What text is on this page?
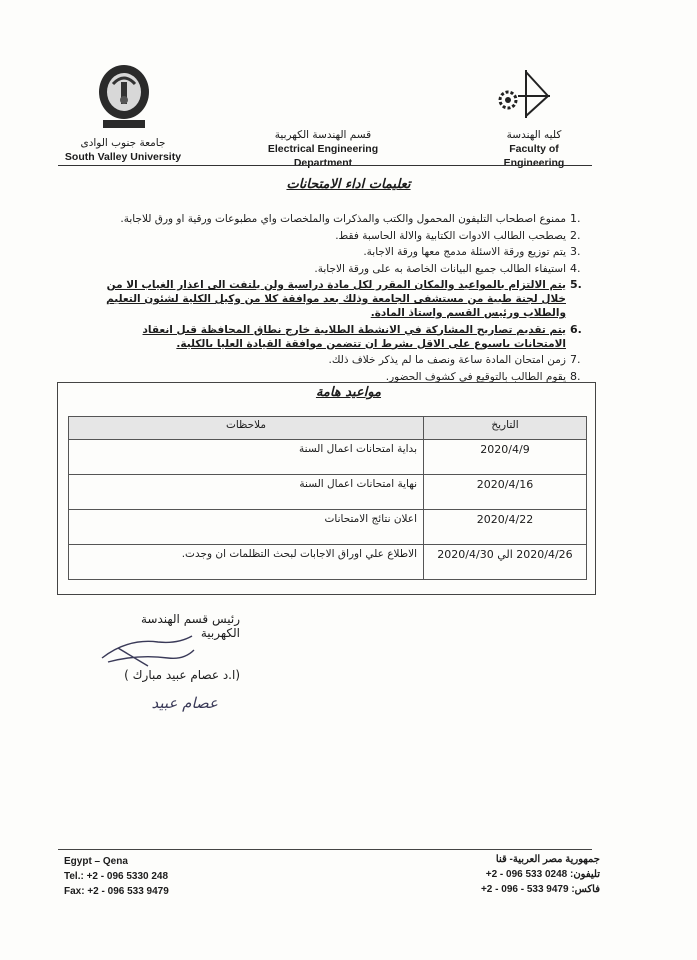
جامعة جنوب الوادى
South Valley University
قسم الهندسة الكهربية
Electrical Engineering Department
كليه الهندسة
Faculty of Engineering
تعليمات اداء الامتحانات
1.
ممنوع اصطحاب التليفون المحمول والكتب والمذكرات والملخصات واي مطبوعات ورقية او ورق للاجابة.
2.
يصطحب الطالب الادوات الكتابية والالة الحاسبة فقط.
3.
يتم توزيع ورقة الاسئلة مدمج معها ورقة الاجابة.
4.
استيفاء الطالب جميع البيانات الخاصة به على ورقة الاجابة.
5.
يتم الالتزام بالمواعيد والمكان المقرر لكل مادة دراسية ولن يلتفت الى اعذار الغياب الا من خلال لجنة طبية من مستشفى الجامعة وذلك بعد موافقة كلا من وكيل الكلية لشئون التعليم والطلاب ورئيس القسم واستاذ المادة.
6.
يتم تقديم تصاريح المشاركة في الانشطة الطلابية خارج نطاق المحافظة قبل انعقاد الامتحانات باسبوع على الاقل بشرط ان تتضمن موافقة القيادة العليا بالكلية.
7.
زمن امتحان المادة ساعة ونصف ما لم يذكر خلاف ذلك.
8.
يقوم الطالب بالتوقيع في كشوف الحضور.
مواعيد هامة
ملاحظات	التاريخ
بداية امتحانات اعمال السنة	2020/4/9
نهاية امتحانات اعمال السنة	2020/4/16
اعلان نتائج الامتحانات	2020/4/22
الاطلاع علي اوراق الاجابات لبحث التظلمات ان وجدت.	2020/4/26 الي 2020/4/30
رئيس قسم الهندسة الكهربية
(ا.د عصام عبيد مبارك )
عصام عبيد
Egypt – Qena
Tel.: +2 - 096 5330 248
Fax: +2 - 096 533 9479
جمهورية مصر العربية- قنا
تليفون: +2 - 096 533 0248
فاكس: +2 - 096 - 533 9479
